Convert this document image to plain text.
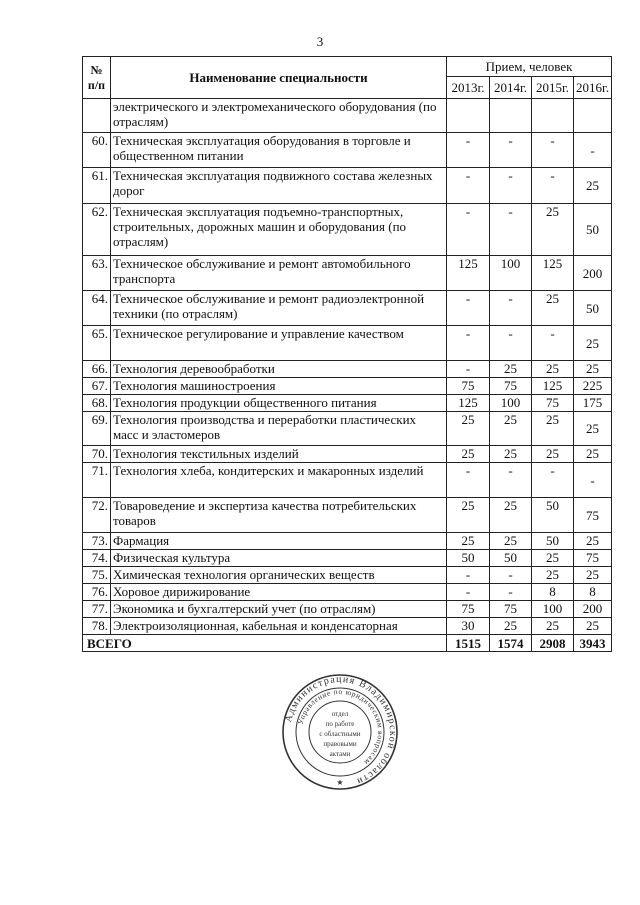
3
№ п/п	Наименование специальности	Прием, человек			
		2013г.	2014г.	2015г.	2016г.
	электрического и электромеханического оборудования (по отраслям)				
60.	Техническая эксплуатация оборудования в торговле и общественном питании	-	-	-	-
61.	Техническая эксплуатация подвижного состава железных дорог	-	-	-	25
62.	Техническая эксплуатация подъемно-транспортных, строительных, дорожных машин и оборудования (по отраслям)	-	-	25	50
63.	Техническое обслуживание и ремонт автомобильного транспорта	125	100	125	200
64.	Техническое обслуживание и ремонт радиоэлектронной техники (по отраслям)	-	-	25	50
65.	Техническое регулирование и управление качеством	-	-	-	25
66.	Технология деревообработки	-	25	25	25
67.	Технология машиностроения	75	75	125	225
68.	Технология продукции общественного питания	125	100	75	175
69.	Технология производства и переработки пластических масс и эластомеров	25	25	25	25
70.	Технология текстильных изделий	25	25	25	25
71.	Технология хлеба, кондитерских и макаронных изделий	-	-	-	-
72.	Товароведение и экспертиза качества потребительских товаров	25	25	50	75
73.	Фармация	25	25	50	25
74.	Физическая культура	50	50	25	75
75.	Химическая технология органических веществ	-	-	25	25
76.	Хоровое дирижирование	-	-	8	8
77.	Экономика и бухгалтерский учет (по отраслям)	75	75	100	200
78.	Электроизоляционная, кабельная и конденсаторная	30	25	25	25
ВСЕГО		1515	1574	2908	3943
Администрация Владимирской области
Управление по юридическим вопросам
отдел
по работе
с областными
правовыми
актами
★
